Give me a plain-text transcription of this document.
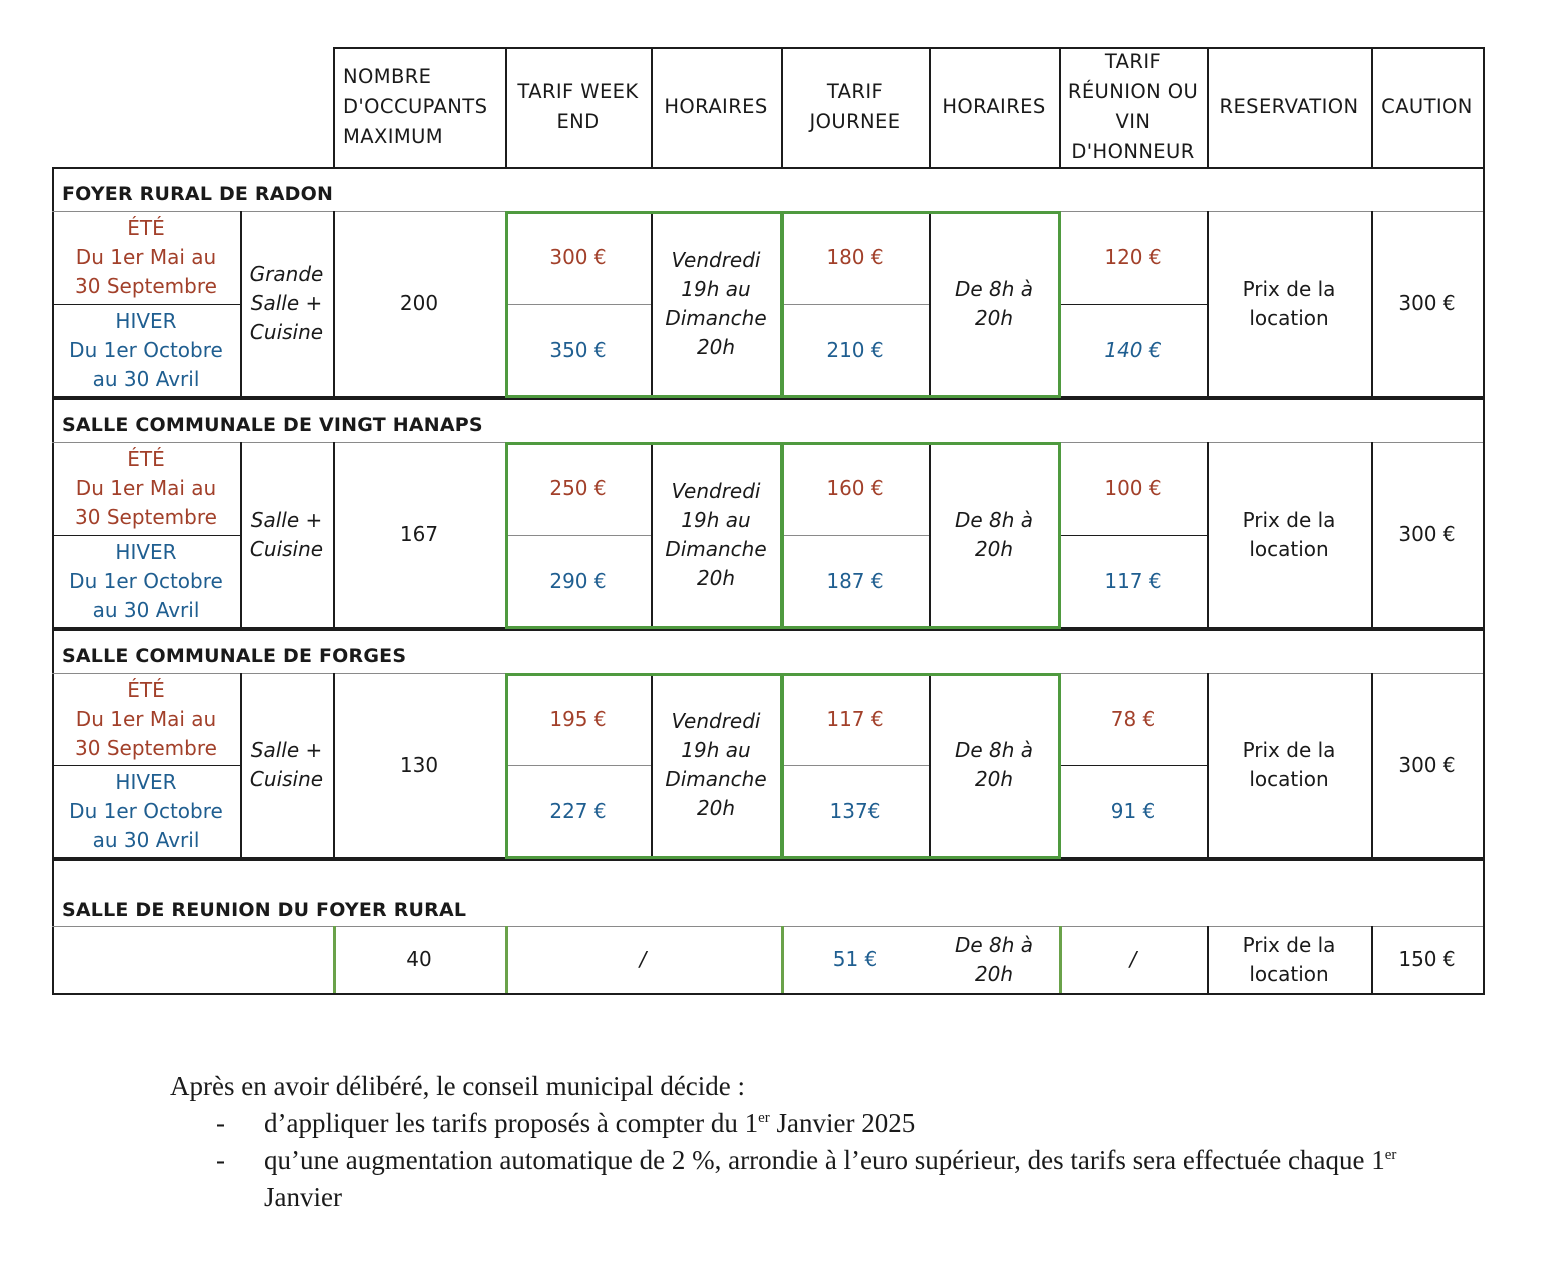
NOMBRE
D'OCCUPANTS
MAXIMUM
TARIF WEEK
END
HORAIRES
TARIF
JOURNEE
HORAIRES
TARIF
RÉUNION OU
VIN
D'HONNEUR
RESERVATION CAUTION
FOYER RURAL DE RADON
ÉTÉ
Du 1er Mai au
30 Septembre
HIVER
Du 1er Octobre
au 30 Avril
Grande
Salle +
Cuisine
200
300 €
350 €
Vendredi
19h au
Dimanche
20h
180 €
210 €
De 8h à
20h
120 €
140 €
Prix de la
location
300 €
SALLE COMMUNALE DE VINGT HANAPS
ÉTÉ
Du 1er Mai au
30 Septembre
HIVER
Du 1er Octobre
au 30 Avril
Salle +
Cuisine
167
250 €
290 €
Vendredi
19h au
Dimanche
20h
160 €
187 €
De 8h à
20h
100 €
117 €
Prix de la
location
300 €
SALLE COMMUNALE DE FORGES
ÉTÉ
Du 1er Mai au
30 Septembre
HIVER
Du 1er Octobre
au 30 Avril
Salle +
Cuisine
130
195 €
227 €
Vendredi
19h au
Dimanche
20h
117 €
137€
De 8h à
20h
78 €
91 €
Prix de la
location
300 €
SALLE DE REUNION DU FOYER RURAL
40	/	51 €
De 8h à
20h
/
Prix de la
location
150 €
Après en avoir délibéré, le conseil municipal décide :
- d’appliquer les tarifs proposés à compter du 1er Janvier 2025
- qu’une augmentation automatique de 2 %, arrondie à l’euro supérieur, des tarifs sera effectuée chaque 1er Janvier
